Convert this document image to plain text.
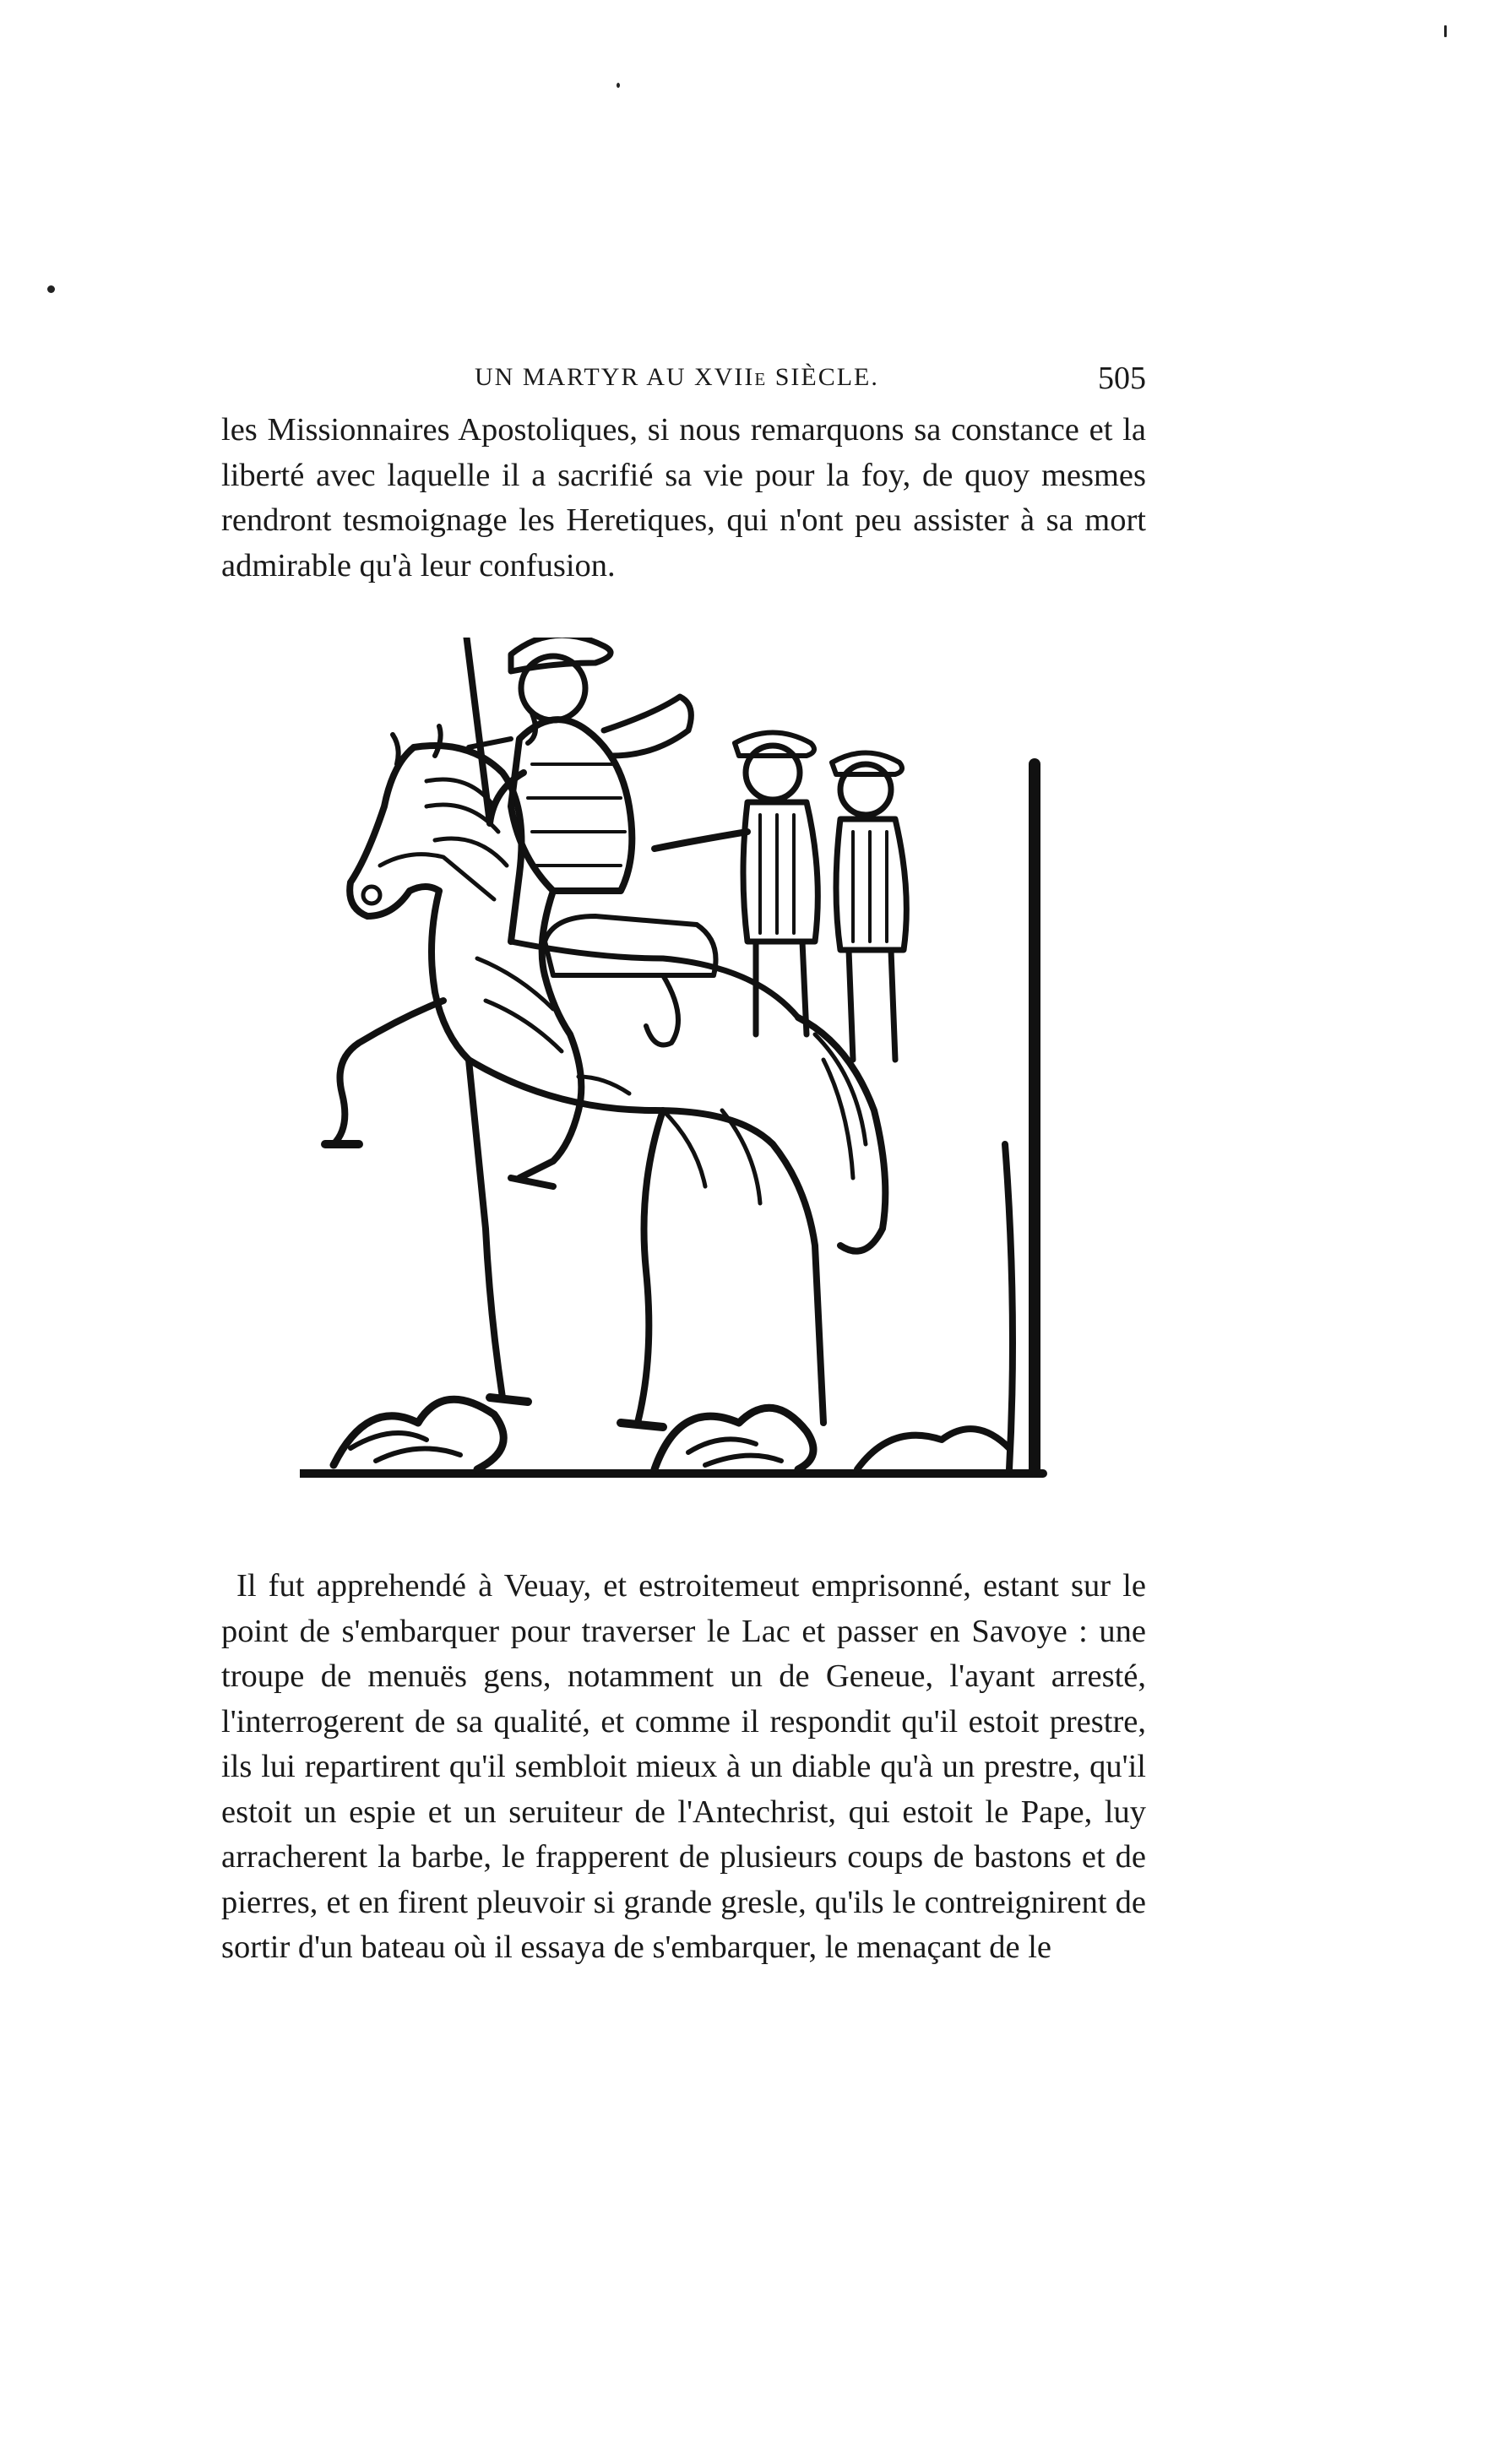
UN MARTYR AU XVIIe SIÈCLE.	505

les Missionnaires Apostoliques, si nous remarquons sa constance et la liberté avec laquelle il a sacrifié sa vie pour la foy, de quoy mesmes rendront tesmoignage les Heretiques, qui n'ont peu assister à sa mort admirable qu'à leur confusion.

Il fut apprehendé à Veuay, et estroitemeut emprisonné, estant sur le point de s'embarquer pour traverser le Lac et passer en Savoye : une troupe de menuës gens, notamment un de Geneue, l'ayant arresté, l'interrogerent de sa qualité, et comme il respondit qu'il estoit prestre, ils lui repartirent qu'il sembloit mieux à un diable qu'à un prestre, qu'il estoit un espie et un seruiteur de l'Antechrist, qui estoit le Pape, luy arracherent la barbe, le frapperent de plusieurs coups de bastons et de pierres, et en firent pleuvoir si grande gresle, qu'ils le contreignirent de sortir d'un bateau où il essaya de s'embarquer, le menaçant de le
